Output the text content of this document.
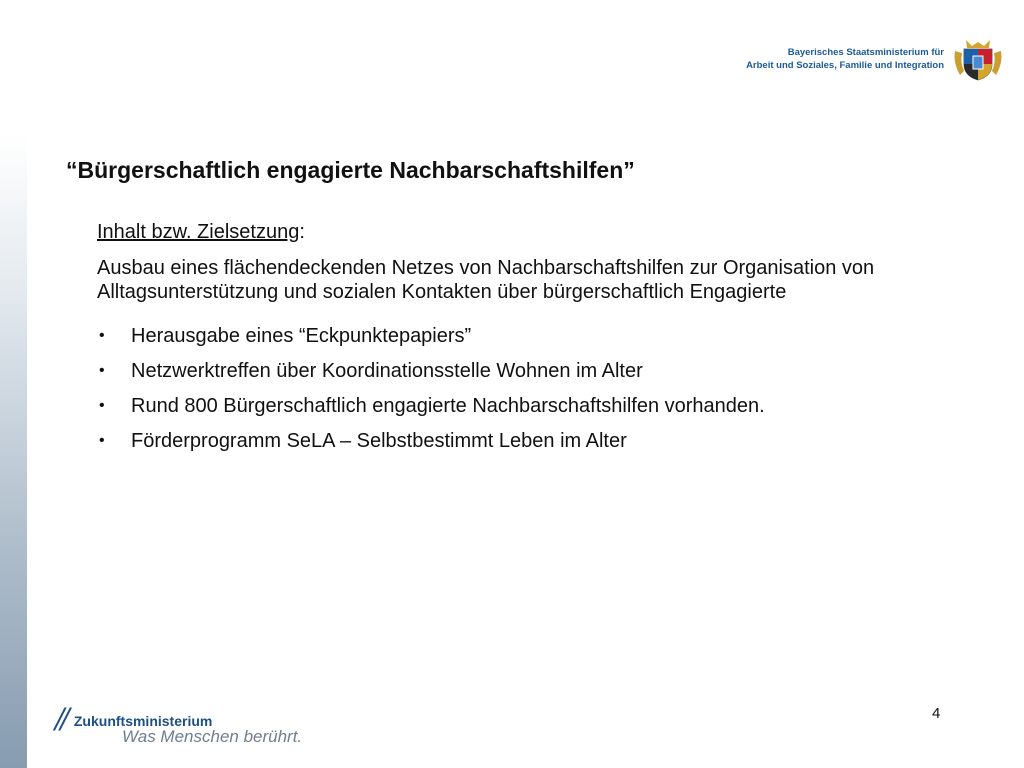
Bayerisches Staatsministerium für
Arbeit und Soziales, Familie und Integration
“Bürgerschaftlich engagierte Nachbarschaftshilfen”

Inhalt bzw. Zielsetzung:

Ausbau eines flächendeckenden Netzes von Nachbarschaftshilfen zur Organisation von Alltagsunterstützung und sozialen Kontakten über bürgerschaftlich Engagierte

• Herausgabe eines “Eckpunktepapiers”
• Netzwerktreffen über Koordinationsstelle Wohnen im Alter
• Rund 800 Bürgerschaftlich engagierte Nachbarschaftshilfen vorhanden.
• Förderprogramm SeLA – Selbstbestimmt Leben im Alter
// Zukunftsministerium
Was Menschen berührt.
4
